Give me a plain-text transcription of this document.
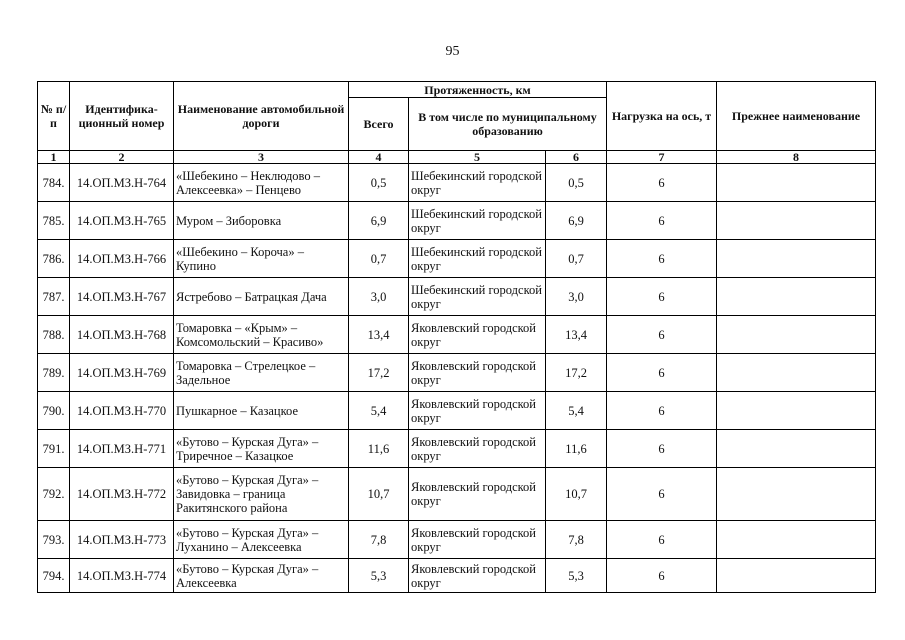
95
№ п/п	Идентифика-ционный номер	Наименование автомобильной дороги	Протяженность, км			Нагрузка на ось, т	Прежнее наименование
			Всего	В том числе по муниципальному образованию			
1	2	3	4	5	6	7	8
784.	14.ОП.МЗ.Н-764	«Шебекино – Неклюдово – Алексеевка» – Пенцево	0,5	Шебекинский городской округ	0,5	6	
785.	14.ОП.МЗ.Н-765	Муром – Зиборовка	6,9	Шебекинский городской округ	6,9	6	
786.	14.ОП.МЗ.Н-766	«Шебекино – Короча» – Купино	0,7	Шебекинский городской округ	0,7	6	
787.	14.ОП.МЗ.Н-767	Ястребово – Батрацкая Дача	3,0	Шебекинский городской округ	3,0	6	
788.	14.ОП.МЗ.Н-768	Томаровка – «Крым» – Комсомольский – Красиво»	13,4	Яковлевский городской округ	13,4	6	
789.	14.ОП.МЗ.Н-769	Томаровка – Стрелецкое – Задельное	17,2	Яковлевский городской округ	17,2	6	
790.	14.ОП.МЗ.Н-770	Пушкарное – Казацкое	5,4	Яковлевский городской округ	5,4	6	
791.	14.ОП.МЗ.Н-771	«Бутово – Курская Дуга» – Триречное – Казацкое	11,6	Яковлевский городской округ	11,6	6	
792.	14.ОП.МЗ.Н-772	«Бутово – Курская Дуга» – Завидовка – граница Ракитянского района	10,7	Яковлевский городской округ	10,7	6	
793.	14.ОП.МЗ.Н-773	«Бутово – Курская Дуга» – Луханино – Алексеевка	7,8	Яковлевский городской округ	7,8	6	
794.	14.ОП.МЗ.Н-774	«Бутово – Курская Дуга» – Алексеевка	5,3	Яковлевский городской округ	5,3	6	
